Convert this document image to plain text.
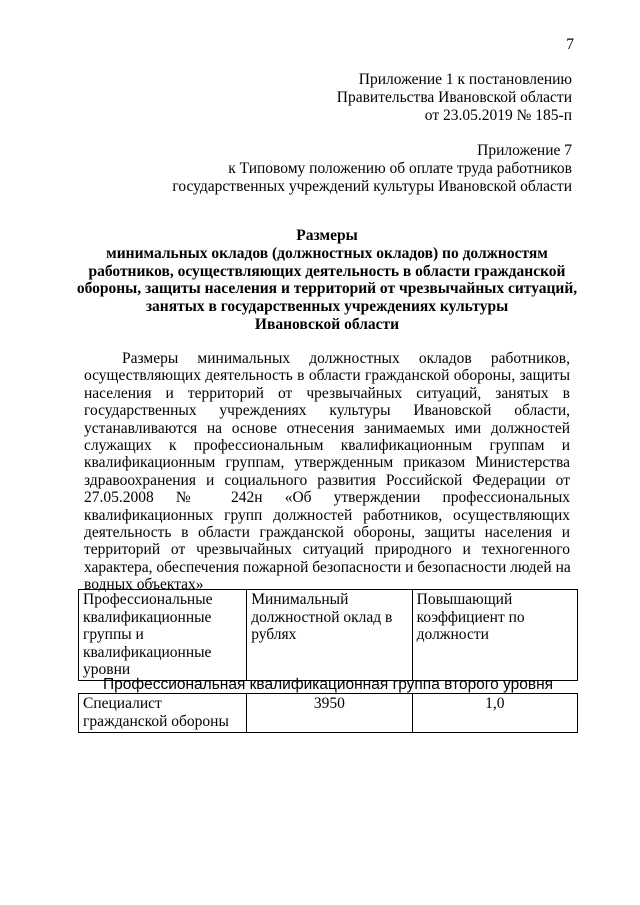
7
Приложение 1 к постановлению
Правительства Ивановской области
от 23.05.2019 № 185-п
Приложение 7
к Типовому положению об оплате труда работников
государственных учреждений культуры Ивановской области
Размеры
минимальных окладов (должностных окладов) по должностям
работников, осуществляющих деятельность в области гражданской
обороны, защиты населения и территорий от чрезвычайных ситуаций,
занятых в государственных учреждениях культуры
Ивановской области
Размеры минимальных должностных окладов работников,
осуществляющих деятельность в области гражданской обороны, защиты
населения и территорий от чрезвычайных ситуаций, занятых в
государственных учреждениях культуры Ивановской области,
устанавливаются на основе отнесения занимаемых ими должностей
служащих к профессиональным квалификационным группам и
квалификационным группам, утвержденным приказом Министерства
здравоохранения и социального развития Российской Федерации от
27.05.2008 № 242н «Об утверждении профессиональных
квалификационных групп должностей работников, осуществляющих
деятельность в области гражданской обороны, защиты населения и
территорий от чрезвычайных ситуаций природного и техногенного
характера, обеспечения пожарной безопасности и безопасности людей на
водных объектах»
Профессиональные квалификационные группы и квалификационные уровни	Минимальный должностной оклад в рублях	Повышающий коэффициент по должности
Профессиональная квалификационная группа второго уровня
Специалист гражданской обороны	3950	1,0
